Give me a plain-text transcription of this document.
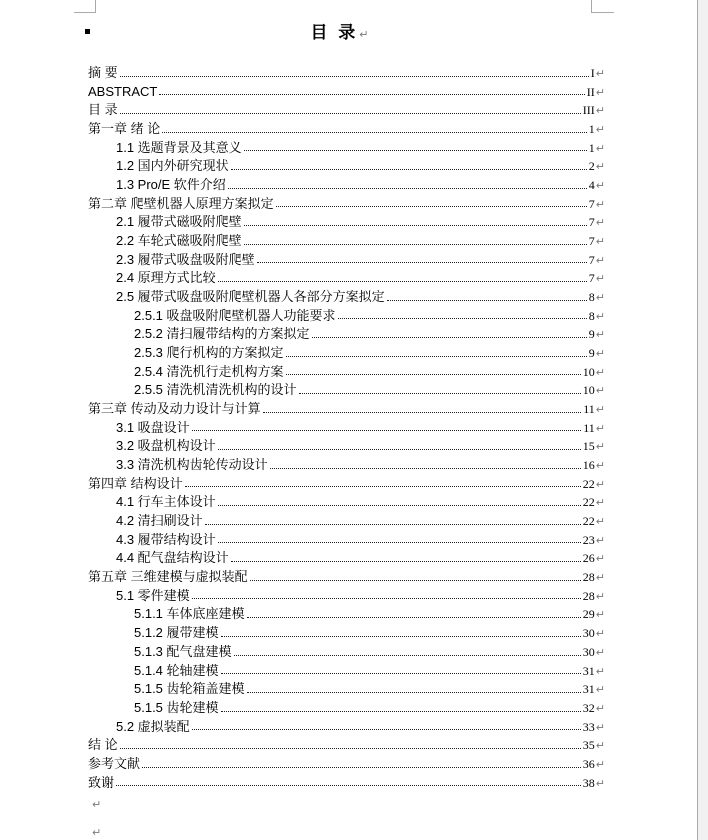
目 录↵
摘 要	I ↵
ABSTRACT	II ↵
目 录	III ↵
第一章 绪 论	1 ↵
1.1 选题背景及其意义	1 ↵
1.2 国内外研究现状	2 ↵
1.3 Pro/E 软件介绍	4 ↵
第二章 爬壁机器人原理方案拟定	7 ↵
2.1 履带式磁吸附爬壁	7 ↵
2.2 车轮式磁吸附爬壁	7 ↵
2.3 履带式吸盘吸附爬壁	7 ↵
2.4 原理方式比较	7 ↵
2.5 履带式吸盘吸附爬壁机器人各部分方案拟定	8 ↵
2.5.1 吸盘吸附爬壁机器人功能要求	8 ↵
2.5.2 清扫履带结构的方案拟定	9 ↵
2.5.3 爬行机构的方案拟定	9 ↵
2.5.4 清洗机行走机构方案	10 ↵
2.5.5 清洗机清洗机构的设计	10 ↵
第三章 传动及动力设计与计算	11 ↵
3.1 吸盘设计	11 ↵
3.2 吸盘机构设计	15 ↵
3.3 清洗机构齿轮传动设计	16 ↵
第四章 结构设计	22 ↵
4.1 行车主体设计	22 ↵
4.2 清扫刷设计	22 ↵
4.3 履带结构设计	23 ↵
4.4 配气盘结构设计	26 ↵
第五章 三维建模与虚拟装配	28 ↵
5.1 零件建模	28 ↵
5.1.1 车体底座建模	29 ↵
5.1.2 履带建模	30 ↵
5.1.3 配气盘建模	30 ↵
5.1.4 轮轴建模	31 ↵
5.1.5 齿轮箱盖建模	31 ↵
5.1.5 齿轮建模	32 ↵
5.2 虚拟装配	33 ↵
结 论	35 ↵
参考文献	36 ↵
致谢	38 ↵
↵
↵
